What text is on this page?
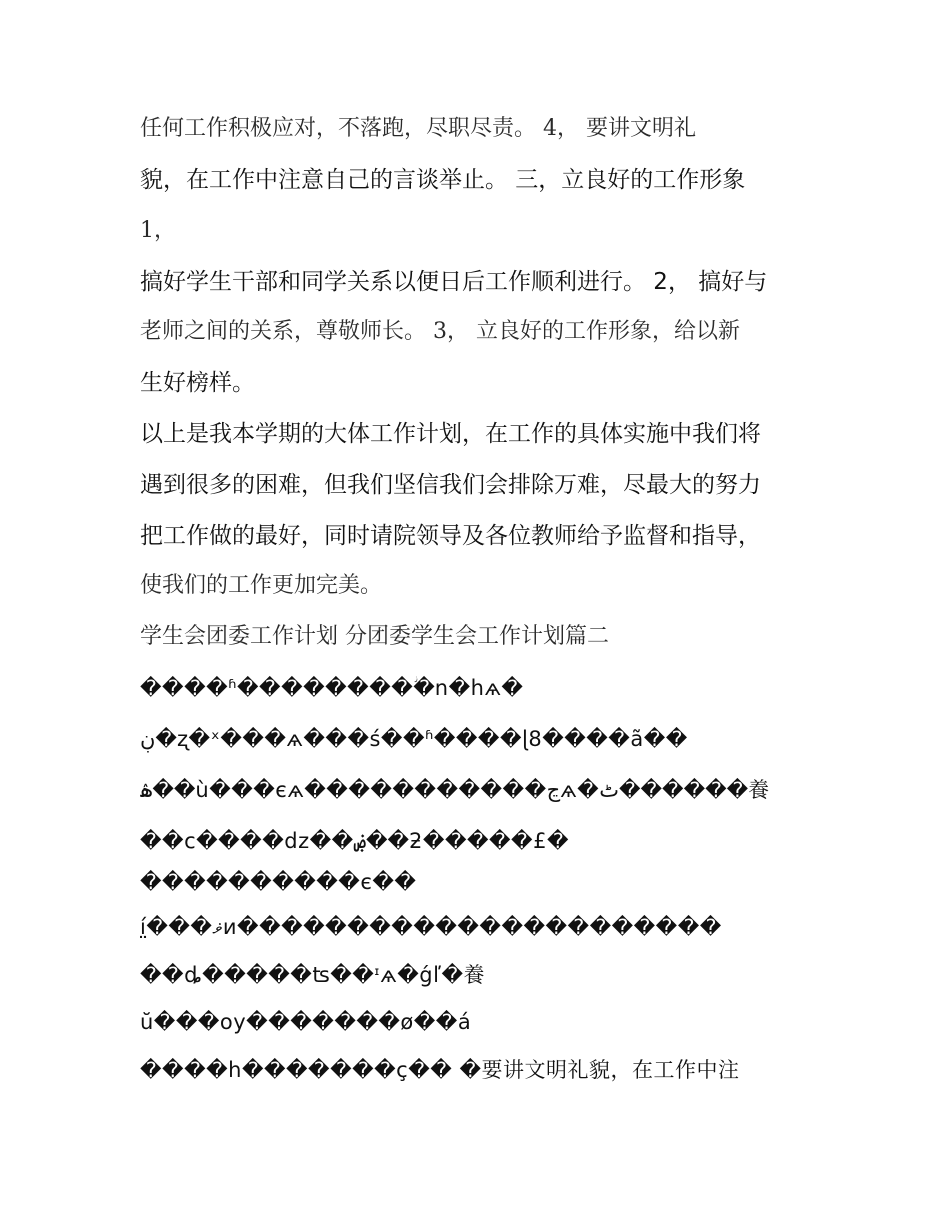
任何工作积极应对，不落跑，尽职尽责。 4， 要讲文明礼
貌，在工作中注意自己的言谈举止。 三，立良好的工作形象
1，
搞好学生干部和同学关系以便日后工作顺利进行。 2， 搞好与
老师之间的关系，尊敬师长。 3， 立良好的工作形象，给以新
生好榜样。
以上是我本学期的大体工作计划，在工作的具体实施中我们将
遇到很多的困难，但我们坚信我们会排除万难，尽最大的努力
把工作做的最好，同时请院领导及各位教师给予监督和指导，
使我们的工作更加完美。
学生会团委工作计划 分团委学生会工作计划篇二
����ʱ��������ؗ�n�hѧ�
ڹ�ʐ�ˣ���ѧ���ś��ʱ����ɭ8����ã��
ۿ��ù���єѧ�����������ڃѧ�ٹ������養
��ϲ����dz��ۻ��ƻ�����£�
����������є��
í̤���ޥи����������������������
��ȡ�����ʦ��ᶦѧ�ǵľ�養
ŭ���оy�������ø��á
����h�������ç�� �要讲文明礼貌，在工作中注
